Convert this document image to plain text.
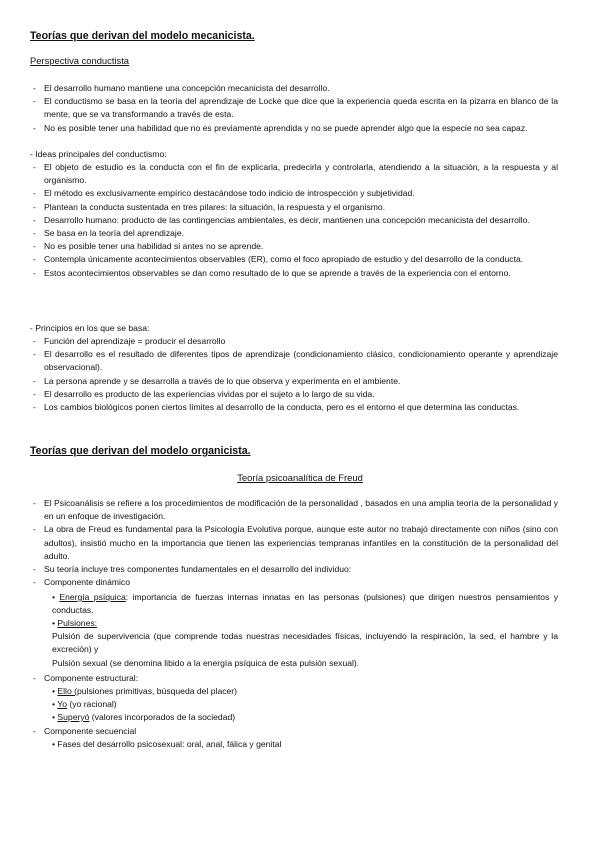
Teorías que derivan del modelo mecanicista.
Perspectiva conductista
- El desarrollo humano mantiene una concepción mecanicista del desarrollo.
- El conductismo se basa en la teoría del aprendizaje de Locke que dice que la experiencia queda escrita en la pizarra en blanco de la mente, que se va transformando a través de esta.
- No es posible tener una habilidad que no es previamente aprendida y no se puede aprender algo que la especie no sea capaz.
- Ideas principales del conductismo:
- El objeto de estudio es la conducta con el fin de explicarla, predecirla y controlarla, atendiendo a la situación, a la respuesta y al organismo.
- El método es exclusivamente empírico destacándose todo indicio de introspección y subjetividad.
- Plantean la conducta sustentada en tres pilares: la situación, la respuesta y el organismo.
- Desarrollo humano: producto de las contingencias ambientales, es decir, mantienen una concepción mecanicista del desarrollo.
- Se basa en la teoría del aprendizaje.
- No es posible tener una habilidad si antes no se aprende.
- Contempla únicamente acontecimientos observables (ER), como el foco apropiado de estudio y del desarrollo de la conducta.
- Estos acontecimientos observables se dan como resultado de lo que se aprende a través de la experiencia con el entorno.
- Principios en los que se basa:
- Función del aprendizaje = producir el desarrollo
- El desarrollo es el resultado de diferentes tipos de aprendizaje (condicionamiento clásico, condicionamiento operante y aprendizaje observacional).
- La persona aprende y se desarrolla a través de lo que observa y experimenta en el ambiente.
- El desarrollo es producto de las experiencias vividas por el sujeto a lo largo de su vida.
- Los cambios biológicos ponen ciertos límites al desarrollo de la conducta, pero es el entorno el que determina las conductas.
Teorías que derivan del modelo organicista.
Teoría psicoanalítica de Freud
- El Psicoanálisis se refiere a los procedimientos de modificación de la personalidad , basados en una amplia teoría de la personalidad y en un enfoque de investigación.
- La obra de Freud es fundamental para la Psicología Evolutiva porque, aunque este autor no trabajó directamente con niños (sino con adultos), insistió mucho en la importancia que tienen las experiencias tempranas infantiles en la constitución de la personalidad del adulto.
- Su teoría incluye tres componentes fundamentales en el desarrollo del individuo:
- Componente dinámico
• Energía psíquica: importancia de fuerzas internas innatas en las personas (pulsiones) que dirigen nuestros pensamientos y conductas.
• Pulsiones:
Pulsión de supervivencia (que comprende todas nuestras necesidades físicas, incluyendo la respiración, la sed, el hambre y la excreción) y
Pulsión sexual (se denomina libido a la energía psíquica de esta pulsión sexual).
- Componente estructural:
• Ello (pulsiones primitivas, búsqueda del placer)
• Yo (yo racional)
• Superyó (valores incorporados de la sociedad)
- Componente secuencial
• Fases del desarrollo psicosexual: oral, anal, fálica y genital
